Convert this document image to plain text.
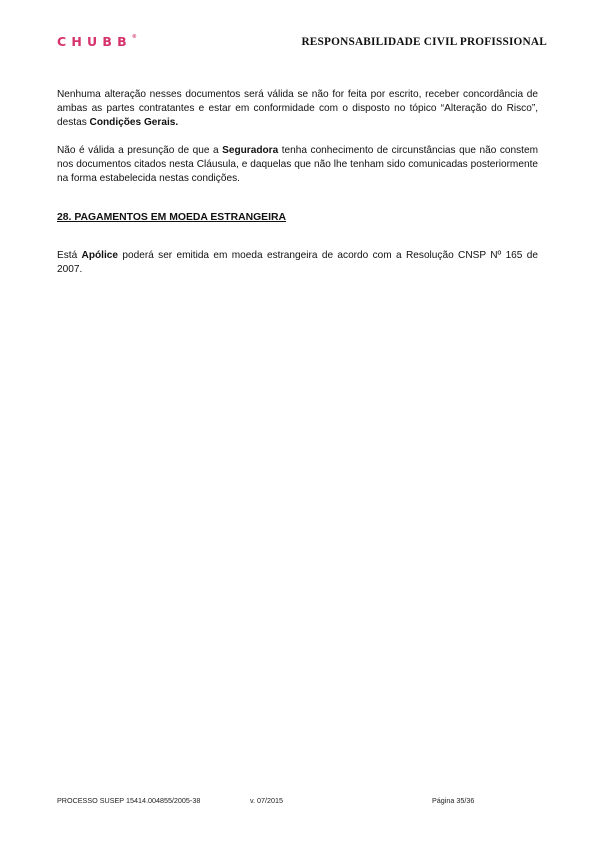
CHUBB®	RESPONSABILIDADE CIVIL PROFISSIONAL

Nenhuma alteração nesses documentos será válida se não for feita por escrito, receber concordância de ambas as partes contratantes e estar em conformidade com o disposto no tópico “Alteração do Risco”, destas Condições Gerais.

Não é válida a presunção de que a Seguradora tenha conhecimento de circunstâncias que não constem nos documentos citados nesta Cláusula, e daquelas que não lhe tenham sido comunicadas posteriormente na forma estabelecida nestas condições.

28. PAGAMENTOS EM MOEDA ESTRANGEIRA

Está Apólice poderá ser emitida em moeda estrangeira de acordo com a Resolução CNSP Nº 165 de 2007.

PROCESSO SUSEP 15414.004855/2005-38	v. 07/2015	Página 35/36
